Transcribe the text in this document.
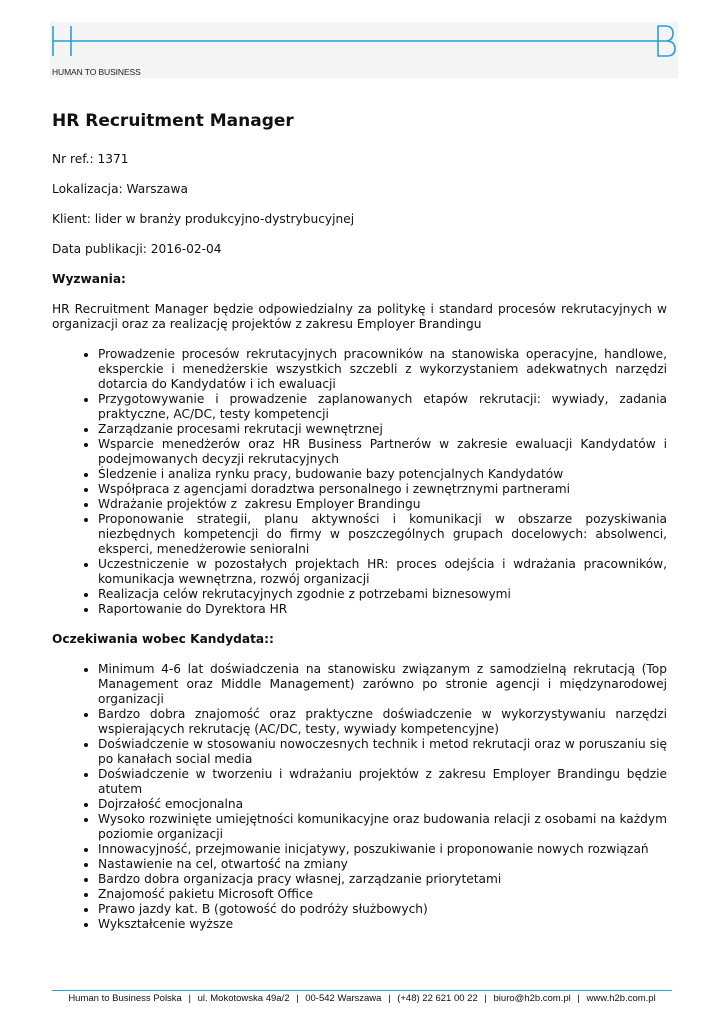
HUMAN TO BUSINESS
HR Recruitment Manager

Nr ref.: 1371

Lokalizacja: Warszawa

Klient: lider w branży produkcyjno-dystrybucyjnej

Data publikacji: 2016-02-04

Wyzwania:

HR Recruitment Manager będzie odpowiedzialny za politykę i standard procesów rekrutacyjnych w organizacji oraz za realizację projektów z zakresu Employer Brandingu

• Prowadzenie procesów rekrutacyjnych pracowników na stanowiska operacyjne, handlowe, eksperckie i menedżerskie wszystkich szczebli z wykorzystaniem adekwatnych narzędzi dotarcia do Kandydatów i ich ewaluacji
• Przygotowywanie i prowadzenie zaplanowanych etapów rekrutacji: wywiady, zadania praktyczne, AC/DC, testy kompetencji
• Zarządzanie procesami rekrutacji wewnętrznej
• Wsparcie menedżerów oraz HR Business Partnerów w zakresie ewaluacji Kandydatów i podejmowanych decyzji rekrutacyjnych
• Śledzenie i analiza rynku pracy, budowanie bazy potencjalnych Kandydatów
• Współpraca z agencjami doradztwa personalnego i zewnętrznymi partnerami
• Wdrażanie projektów z  zakresu Employer Brandingu
• Proponowanie strategii, planu aktywności i komunikacji w obszarze pozyskiwania niezbędnych kompetencji do firmy w poszczególnych grupach docelowych: absolwenci, eksperci, menedżerowie senioralni
• Uczestniczenie w pozostałych projektach HR: proces odejścia i wdrażania pracowników, komunikacja wewnętrzna, rozwój organizacji
• Realizacja celów rekrutacyjnych zgodnie z potrzebami biznesowymi
• Raportowanie do Dyrektora HR

Oczekiwania wobec Kandydata::

• Minimum 4-6 lat doświadczenia na stanowisku związanym z samodzielną rekrutacją (Top Management oraz Middle Management) zarówno po stronie agencji i międzynarodowej organizacji
• Bardzo dobra znajomość oraz praktyczne doświadczenie w wykorzystywaniu narzędzi wspierających rekrutację (AC/DC, testy, wywiady kompetencyjne)
• Doświadczenie w stosowaniu nowoczesnych technik i metod rekrutacji oraz w poruszaniu się po kanałach social media
• Doświadczenie w tworzeniu i wdrażaniu projektów z zakresu Employer Brandingu będzie atutem
• Dojrzałość emocjonalna
• Wysoko rozwinięte umiejętności komunikacyjne oraz budowania relacji z osobami na każdym poziomie organizacji
• Innowacyjność, przejmowanie inicjatywy, poszukiwanie i proponowanie nowych rozwiązań
• Nastawienie na cel, otwartość na zmiany
• Bardzo dobra organizacja pracy własnej, zarządzanie priorytetami
• Znajomość pakietu Microsoft Office
• Prawo jazdy kat. B (gotowość do podróży służbowych)
• Wykształcenie wyższe
Human to Business Polska | ul. Mokotowska 49a/2 | 00-542 Warszawa | (+48) 22 621 00 22 | biuro@h2b.com.pl | www.h2b.com.pl
